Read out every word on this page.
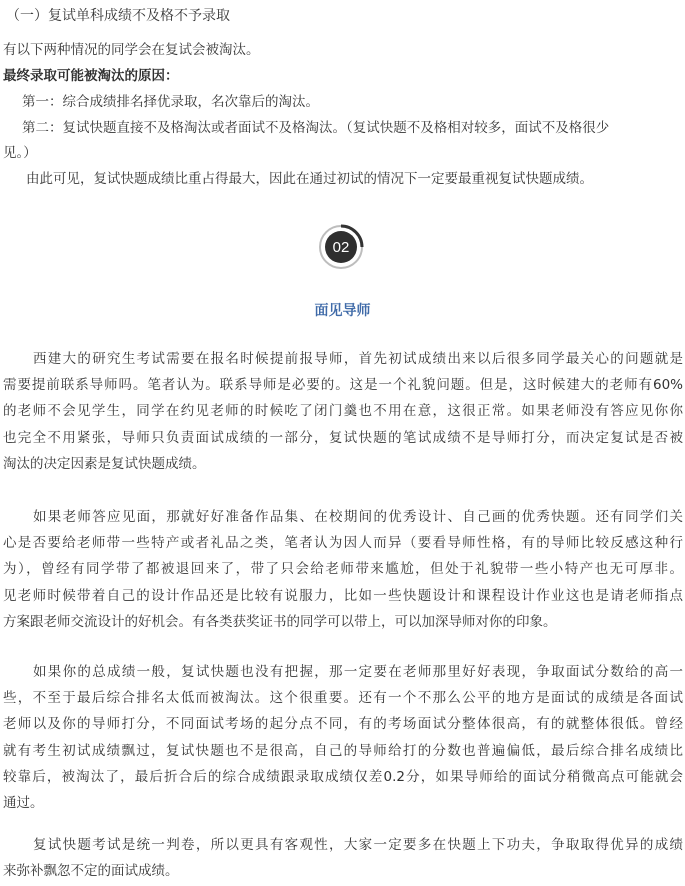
（一）复试单科成绩不及格不予录取
有以下两种情况的同学会在复试会被淘汰。
最终录取可能被淘汰的原因：
第一：综合成绩排名择优录取，名次靠后的淘汰。
第二：复试快题直接不及格淘汰或者面试不及格淘汰。（复试快题不及格相对较多，面试不及格很少
见。）
由此可见，复试快题成绩比重占得最大，因此在通过初试的情况下一定要最重视复试快题成绩。
02
面见导师
西建大的研究生考试需要在报名时候提前报导师，首先初试成绩出来以后很多同学最关心的问题就是
需要提前联系导师吗。笔者认为。联系导师是必要的。这是一个礼貌问题。但是，这时候建大的老师有60%
的老师不会见学生，同学在约见老师的时候吃了闭门羹也不用在意，这很正常。如果老师没有答应见你你
也完全不用紧张，导师只负责面试成绩的一部分，复试快题的笔试成绩不是导师打分，而决定复试是否被
淘汰的决定因素是复试快题成绩。
如果老师答应见面，那就好好准备作品集、在校期间的优秀设计、自己画的优秀快题。还有同学们关
心是否要给老师带一些特产或者礼品之类，笔者认为因人而异（要看导师性格，有的导师比较反感这种行
为），曾经有同学带了都被退回来了，带了只会给老师带来尴尬，但处于礼貌带一些小特产也无可厚非。
见老师时候带着自己的设计作品还是比较有说服力，比如一些快题设计和课程设计作业这也是请老师指点
方案跟老师交流设计的好机会。有各类获奖证书的同学可以带上，可以加深导师对你的印象。
如果你的总成绩一般，复试快题也没有把握，那一定要在老师那里好好表现，争取面试分数给的高一
些，不至于最后综合排名太低而被淘汰。这个很重要。还有一个不那么公平的地方是面试的成绩是各面试
老师以及你的导师打分，不同面试考场的起分点不同，有的考场面试分整体很高，有的就整体很低。曾经
就有考生初试成绩飘过，复试快题也不是很高，自己的导师给打的分数也普遍偏低，最后综合排名成绩比
较靠后，被淘汰了，最后折合后的综合成绩跟录取成绩仅差0.2分，如果导师给的面试分稍微高点可能就会
通过。
复试快题考试是统一判卷，所以更具有客观性，大家一定要多在快题上下功夫，争取取得优异的成绩
来弥补飘忽不定的面试成绩。
